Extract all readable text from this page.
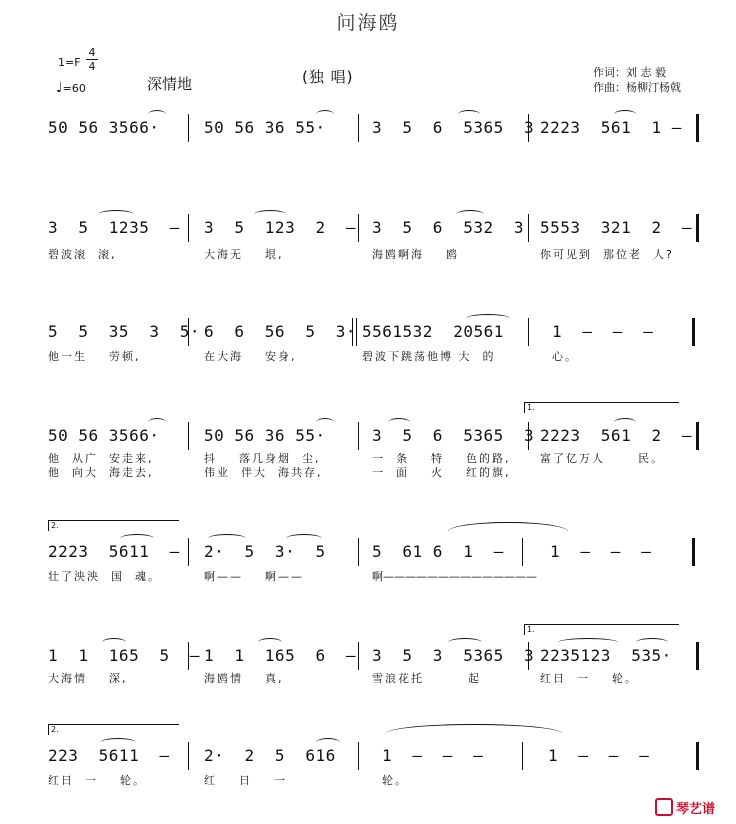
问海鸥
1=F
4
4
♩=60	深情地	(独 唱)	作词：刘 志 毅
作曲：杨柳汀杨戟
50 56 3566·	50 56 36 55·	3  5  6  5365  3 2223  561  1 –
3  5  1235  – 3  5  123  2  – 3  5  6  532  3 5553  321  2  –
碧波滚  滚,	大海无    垠,	海鸥啊海    鸥	你可见到  那位老  人?
5  5  35  3  5· 6  6  56  5  3· 5561532  20561	1  –  –  –
他一生    劳顿,	在大海    安身,	碧波下跳荡他博 大  的	心。
1.
50 56 3566·	50 56 36 55·	3  5  6  5365  3 2223  561  2  –
他  从广  安走来,	抖    落几身烟  尘,	一  条    特    色的路,	富了亿万人      民。
他  向大  海走去,	伟业  伴大  海共存,	一  面    火    红的旗,
2.
2223  5611  – 2·  5  3·  5	5  61 6  1  –	1  –  –  –
壮了泱泱  国  魂。	啊——    啊——	啊——————————————
1.
1  1  165  5  – 1  1  165  6  – 3  5  3  5365  3 2235123  535·
大海情    深,	海鸥情    真,	雪浪花托        起	红日  一    轮。
2.
223  5611  – 2·  2  5  616	1  –  –  –	1  –  –  –
红日  一    轮。	红    日    一	轮。
琴艺谱
